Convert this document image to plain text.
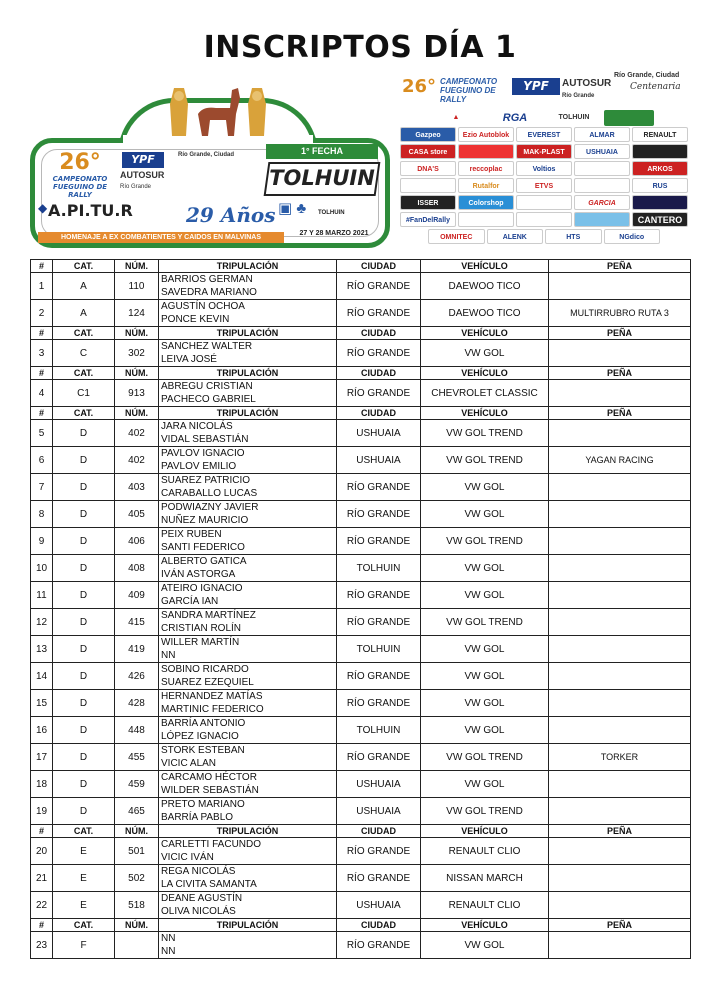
INSCRIPTOS DÍA 1
26°
CAMPEONATO FUEGUINO DE RALLY
YPF
AUTOSUR
Río Grande
Río Grande, Ciudad	1° FECHA
TOLHUIN
◆ A.PI.TU.R	29 Años ▣ ♣ TOLHUIN
HOMENAJE A EX COMBATIENTES Y CAIDOS EN MALVINAS
27 Y 28 MARZO 2021
26° CAMPEONATO FUEGUINO DE RALLY
YPF	AUTOSUR
Río Grande
Río Grande, Ciudad
Centenaria
▲	RGA	TOLHUIN
Gazpeo	Ezio Autoblok	EVEREST	ALMAR	RENAULT
CASA store	MAK-PLAST	USHUAIA
DNA'S	reccoplac	Voltios	ARKOS
Rutalfor	ETVS	RUS
ISSER	Colorshop	GARCIA
#FanDelRally	CANTERO
OMNITEC	ALENK	HTS	NGdico
#	CAT.	NÚM.	TRIPULACIÓN	CIUDAD	VEHÍCULO	PEÑA
1	A	110	BARRIOS GERMAN
SAVEDRA MARIANO	RÍO GRANDE	DAEWOO TICO	
2	A	124	AGUSTÍN OCHOA
PONCE KEVIN	RÍO GRANDE	DAEWOO TICO	MULTIRRUBRO RUTA 3
#	CAT.	NÚM.	TRIPULACIÓN	CIUDAD	VEHÍCULO	PEÑA
3	C	302	SANCHEZ WALTER
LEIVA JOSÉ	RÍO GRANDE	VW GOL	
#	CAT.	NÚM.	TRIPULACIÓN	CIUDAD	VEHÍCULO	PEÑA
4	C1	913	ABREGU CRISTIAN
PACHECO GABRIEL	RÍO GRANDE	CHEVROLET CLASSIC	
#	CAT.	NÚM.	TRIPULACIÓN	CIUDAD	VEHÍCULO	PEÑA
5	D	402	JARA NICOLÁS
VIDAL SEBASTIÁN	USHUAIA	VW GOL TREND	
6	D	402	PAVLOV IGNACIO
PAVLOV EMILIO	USHUAIA	VW GOL TREND	YAGAN RACING
7	D	403	SUAREZ PATRICIO
CARABALLO LUCAS	RÍO GRANDE	VW GOL	
8	D	405	PODWIAZNY JAVIER
NUÑEZ MAURICIO	RÍO GRANDE	VW GOL	
9	D	406	PEIX RUBEN
SANTI FEDERICO	RÍO GRANDE	VW GOL TREND	
10	D	408	ALBERTO GATICA
IVÁN ASTORGA	TOLHUIN	VW GOL	
11	D	409	ATEIRO IGNACIO
GARCÍA IAN	RÍO GRANDE	VW GOL	
12	D	415	SANDRA MARTÍNEZ
CRISTIAN ROLÍN	RÍO GRANDE	VW GOL TREND	
13	D	419	WILLER MARTÍN
NN	TOLHUIN	VW GOL	
14	D	426	SOBINO RICARDO
SUAREZ EZEQUIEL	RÍO GRANDE	VW GOL	
15	D	428	HERNANDEZ MATÍAS
MARTINIC FEDERICO	RÍO GRANDE	VW GOL	
16	D	448	BARRÍA ANTONIO
LÓPEZ IGNACIO	TOLHUIN	VW GOL	
17	D	455	STORK ESTEBAN
VICIC ALAN	RÍO GRANDE	VW GOL TREND	TORKER
18	D	459	CARCAMO HÉCTOR
WILDER SEBASTIÁN	USHUAIA	VW GOL	
19	D	465	PRETO MARIANO
BARRÍA PABLO	USHUAIA	VW GOL TREND	
#	CAT.	NÚM.	TRIPULACIÓN	CIUDAD	VEHÍCULO	PEÑA
20	E	501	CARLETTI FACUNDO
VICIC IVÁN	RÍO GRANDE	RENAULT CLIO	
21	E	502	REGA NICOLÁS
LA CIVITA SAMANTA	RÍO GRANDE	NISSAN MARCH	
22	E	518	DEANE AGUSTÍN
OLIVA NICOLÁS	USHUAIA	RENAULT CLIO	
#	CAT.	NÚM.	TRIPULACIÓN	CIUDAD	VEHÍCULO	PEÑA
23	F		NN
NN	RÍO GRANDE	VW GOL	
